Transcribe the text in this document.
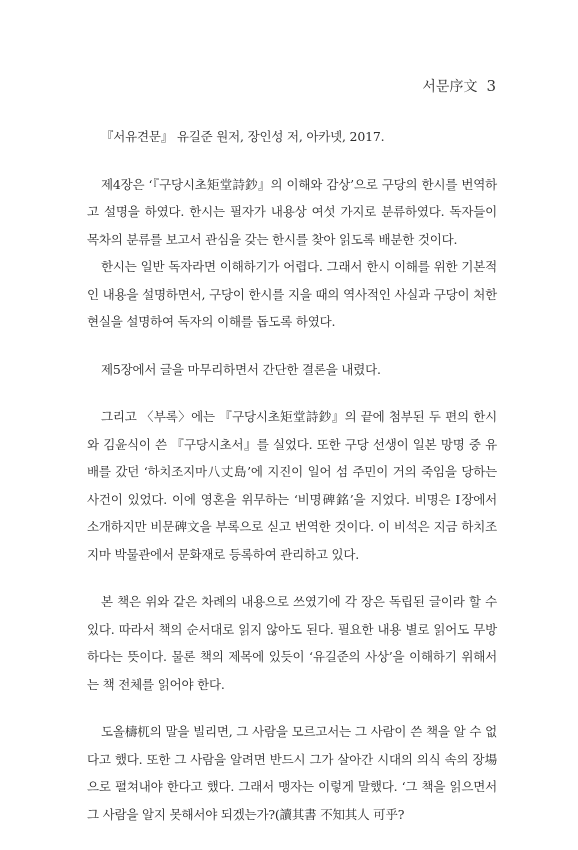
서문序文 3

『서유견문』 유길준 원저, 장인성 저, 아카넷, 2017.

제4장은 ‘『구당시초矩堂詩鈔』의 이해와 감상’으로 구당의 한시를 번역하고 설명을 하였다. 한시는 필자가 내용상 여섯 가지로 분류하였다. 독자들이 목차의 분류를 보고서 관심을 갖는 한시를 찾아 읽도록 배분한 것이다.

한시는 일반 독자라면 이해하기가 어렵다. 그래서 한시 이해를 위한 기본적인 내용을 설명하면서, 구당이 한시를 지을 때의 역사적인 사실과 구당이 처한 현실을 설명하여 독자의 이해를 돕도록 하였다.

제5장에서 글을 마무리하면서 간단한 결론을 내렸다.

그리고 〈부록〉에는 『구당시초矩堂詩鈔』의 끝에 첨부된 두 편의 한시와 김윤식이 쓴 『구당시초서』를 실었다. 또한 구당 선생이 일본 망명 중 유배를 갔던 ‘하치조지마八丈島’에 지진이 일어 섬 주민이 거의 죽임을 당하는 사건이 있었다. 이에 영혼을 위무하는 ‘비명碑銘’을 지었다. 비명은 Ⅰ장에서 소개하지만 비문碑文을 부록으로 싣고 번역한 것이다. 이 비석은 지금 하치조지마 박물관에서 문화재로 등록하여 관리하고 있다.

본 책은 위와 같은 차례의 내용으로 쓰였기에 각 장은 독립된 글이라 할 수 있다. 따라서 책의 순서대로 읽지 않아도 된다. 필요한 내용 별로 읽어도 무방하다는 뜻이다. 물론 책의 제목에 있듯이 ‘유길준의 사상’을 이해하기 위해서는 책 전체를 읽어야 한다.

도올檮杌의 말을 빌리면, 그 사람을 모르고서는 그 사람이 쓴 책을 알 수 없다고 했다. 또한 그 사람을 알려면 반드시 그가 살아간 시대의 의식 속의 장場으로 펼쳐내야 한다고 했다. 그래서 맹자는 이렇게 말했다. ‘그 책을 읽으면서 그 사람을 알지 못해서야 되겠는가?(讀其書 不知其人 可乎?
